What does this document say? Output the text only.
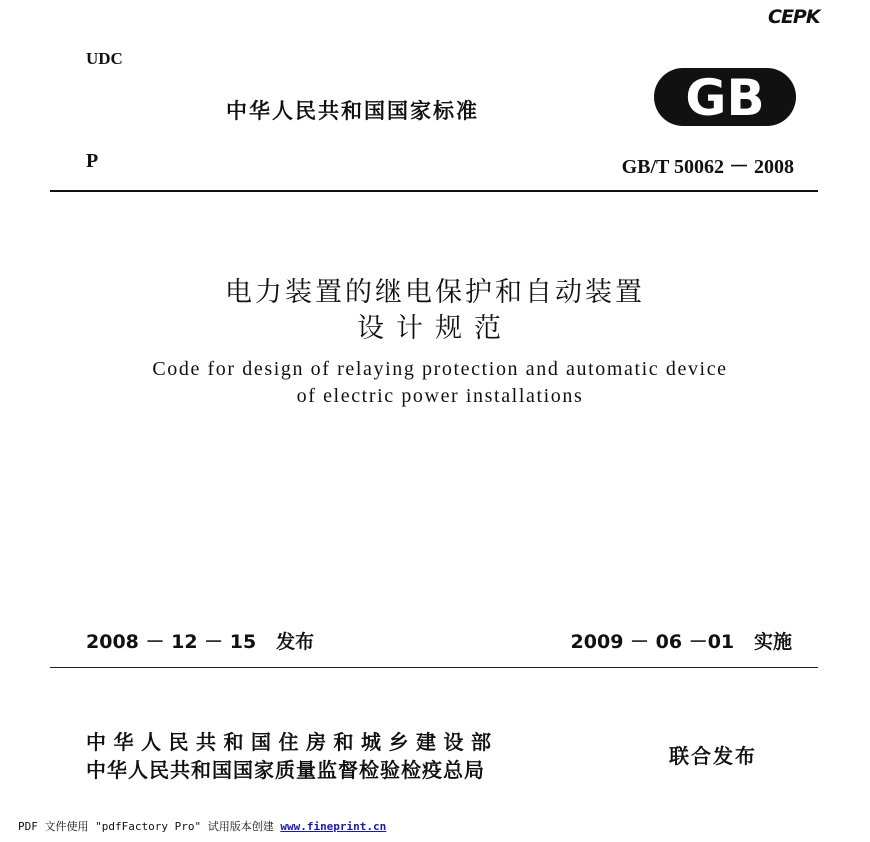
CEPK
UDC
中华人民共和国国家标准	GB
P	GB/T 50062 － 2008
电力装置的继电保护和自动装置
设计规范
Code for design of relaying protection and automatic device
of electric power installations
2008 － 12 － 15   发布	2009 － 06 －01   实施
中华人民共和国住房和城乡建设部
中华人民共和国国家质量监督检验检疫总局
联合发布
PDF 文件使用 "pdfFactory Pro" 试用版本创建 www.fineprint.cn
